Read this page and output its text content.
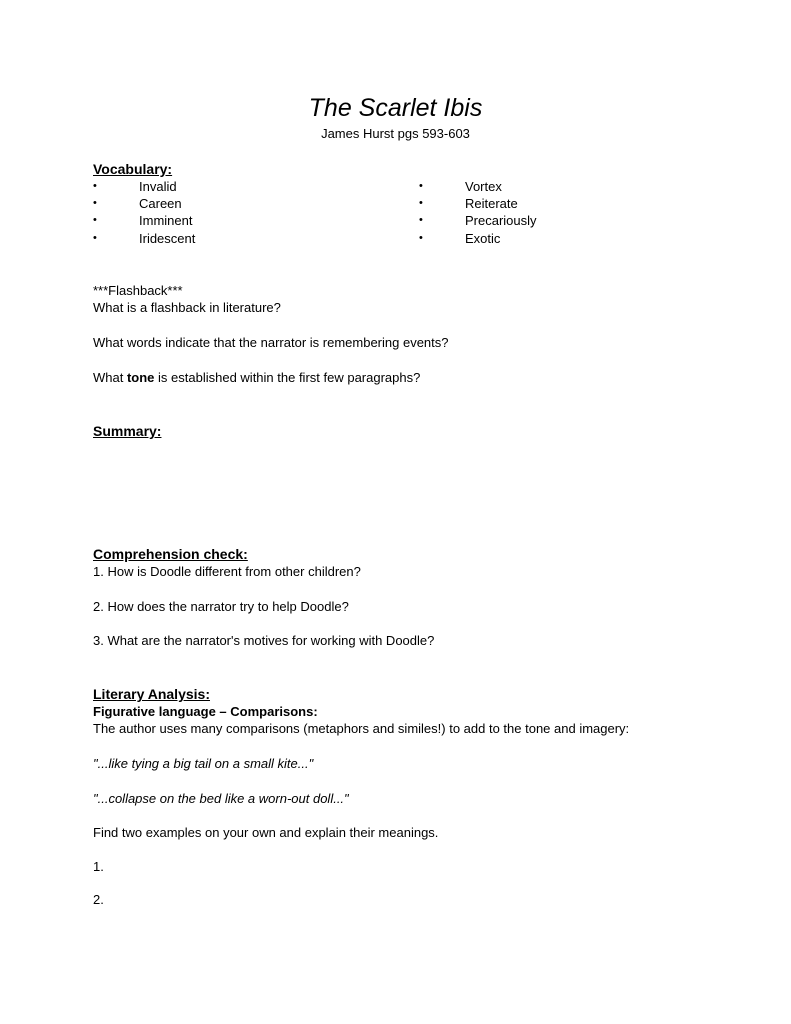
The Scarlet Ibis
James Hurst pgs 593-603
Vocabulary:
•	Invalid
•	Careen
•	Imminent
•	Iridescent
•	Vortex
•	Reiterate
•	Precariously
•	Exotic
***Flashback***
What is a flashback in literature?
What words indicate that the narrator is remembering events?
What tone is established within the first few paragraphs?
Summary:
Comprehension check:
1. How is Doodle different from other children?
2. How does the narrator try to help Doodle?
3. What are the narrator's motives for working with Doodle?
Literary Analysis:
Figurative language – Comparisons:
The author uses many comparisons (metaphors and similes!) to add to the tone and imagery:
"...like tying a big tail on a small kite..."
"...collapse on the bed like a worn-out doll..."
Find two examples on your own and explain their meanings.
1.
2.
